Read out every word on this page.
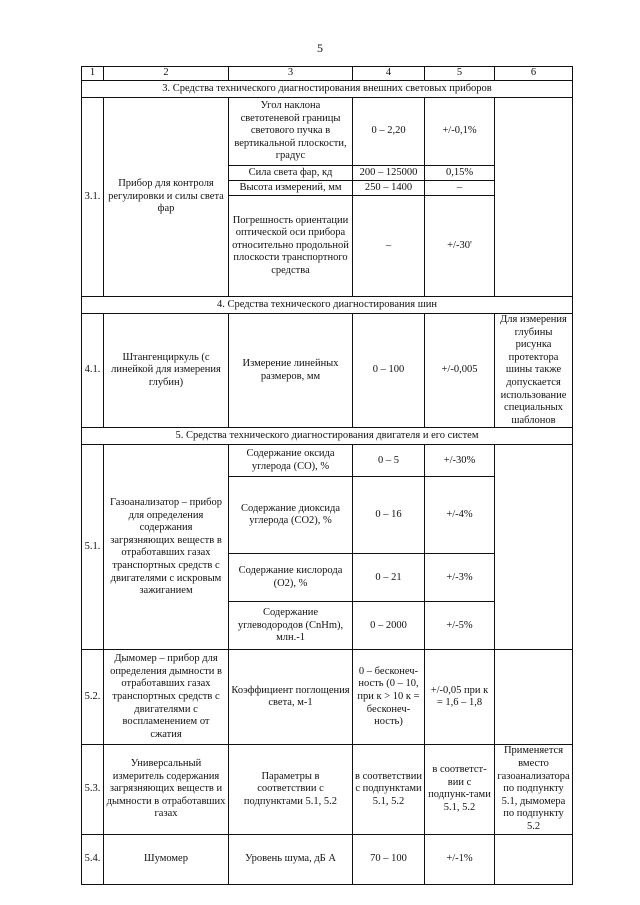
5
1	2	3	4	5	6
3. Средства технического диагностирования внешних световых приборов					
3.1.	Прибор для контроля регулировки и силы света фар	Угол наклона светотеневой границы светового пучка в вертикальной плоскости, градус	0 – 2,20	+/-0,1%	
		Сила света фар, кд	200 – 125000	0,15%	
		Высота измерений, мм	250 – 1400	–	
		Погрешность ориентации оптической оси прибора относительно продольной плоскости транспортного средства	–	+/-30'	
4. Средства технического диагностирования шин					
4.1.	Штангенциркуль (с линейкой для измерения глубин)	Измерение линейных размеров, мм	0 – 100	+/-0,005	Для измерения глубины рисунка протектора шины также допускается использование специальных шаблонов
5. Средства технического диагностирования двигателя и его систем					
5.1.	Газоанализатор – прибор для определения содержания загрязняющих веществ в отработавших газах транспортных средств с двигателями с искровым зажиганием	Содержание оксида углерода (CO), %	0 – 5	+/-30%	
		Содержание диоксида углерода (CO2), %	0 – 16	+/-4%	
		Содержание кислорода (O2), %	0 – 21	+/-3%	
		Содержание углеводородов (CnHm), млн.-1	0 – 2000	+/-5%	
5.2.	Дымомер – прибор для определения дымности в отработавших газах транспортных средств с двигателями с воспламенением от сжатия	Коэффициент поглощения света, м-1	0 – бесконеч-ность (0 – 10, при к > 10 к = бесконеч-ность)	+/-0,05 при к = 1,6 – 1,8	
5.3.	Универсальный измеритель содержания загрязняющих веществ и дымности в отработавших газах	Параметры в соответствии с подпунктами 5.1, 5.2	в соответствии с подпунктами 5.1, 5.2	в соответст-вии с подпунк-тами 5.1, 5.2	Применяется вместо газоанализатора по подпункту 5.1, дымомера по подпункту 5.2
5.4.	Шумомер	Уровень шума, дБ А	70 – 100	+/-1%	
